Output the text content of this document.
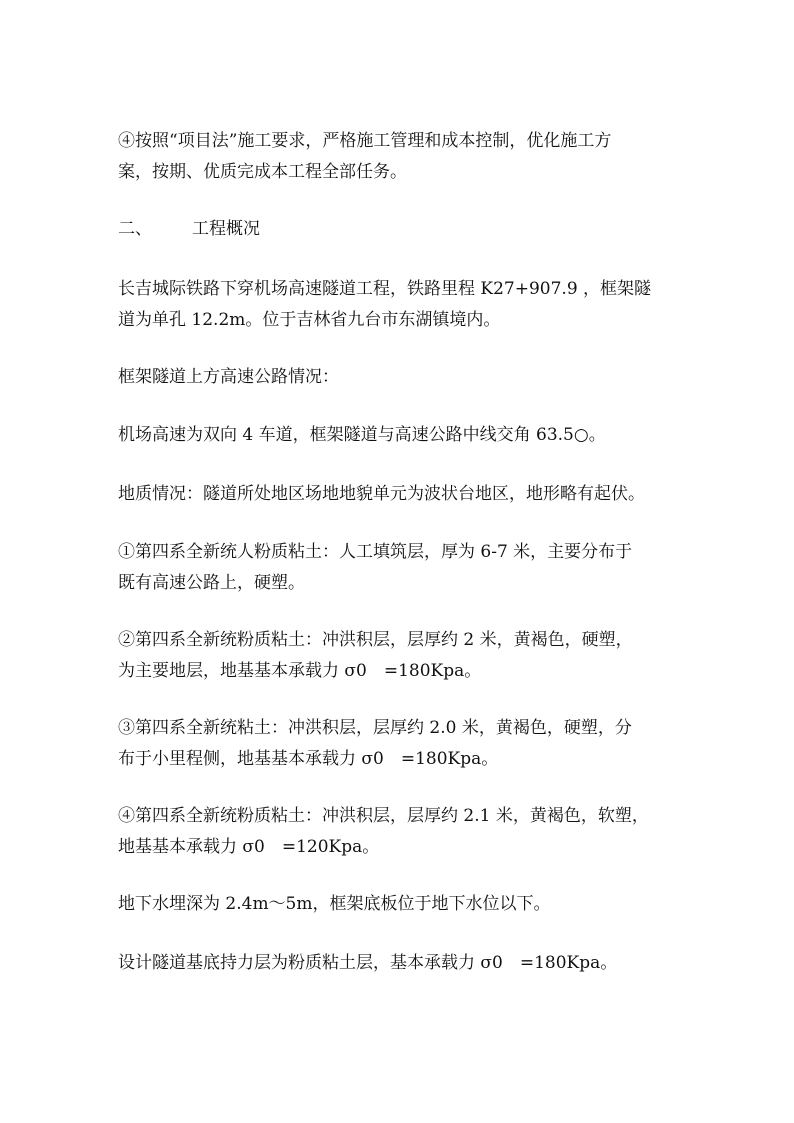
④按照“项目法”施工要求，严格施工管理和成本控制，优化施工方
案，按期、优质完成本工程全部任务。
二、 工程概况
长吉城际铁路下穿机场高速隧道工程，铁路里程 K27+907.9 ，框架隧
道为单孔 12.2m。位于吉林省九台市东湖镇境内。
框架隧道上方高速公路情况：
机场高速为双向 4 车道，框架隧道与高速公路中线交角 63.5○。
地质情况：隧道所处地区场地地貌单元为波状台地区，地形略有起伏。
①第四系全新统人粉质粘土：人工填筑层，厚为 6-7 米，主要分布于
既有高速公路上，硬塑。
②第四系全新统粉质粘土：冲洪积层，层厚约 2 米，黄褐色，硬塑，
为主要地层，地基基本承载力 σ0　=180Kpa。
③第四系全新统粘土：冲洪积层，层厚约 2.0 米，黄褐色，硬塑，分
布于小里程侧，地基基本承载力 σ0　=180Kpa。
④第四系全新统粉质粘土：冲洪积层，层厚约 2.1 米，黄褐色，软塑，
地基基本承载力 σ0　=120Kpa。
地下水埋深为 2.4m～5m，框架底板位于地下水位以下。
设计隧道基底持力层为粉质粘土层，基本承载力 σ0　=180Kpa。
